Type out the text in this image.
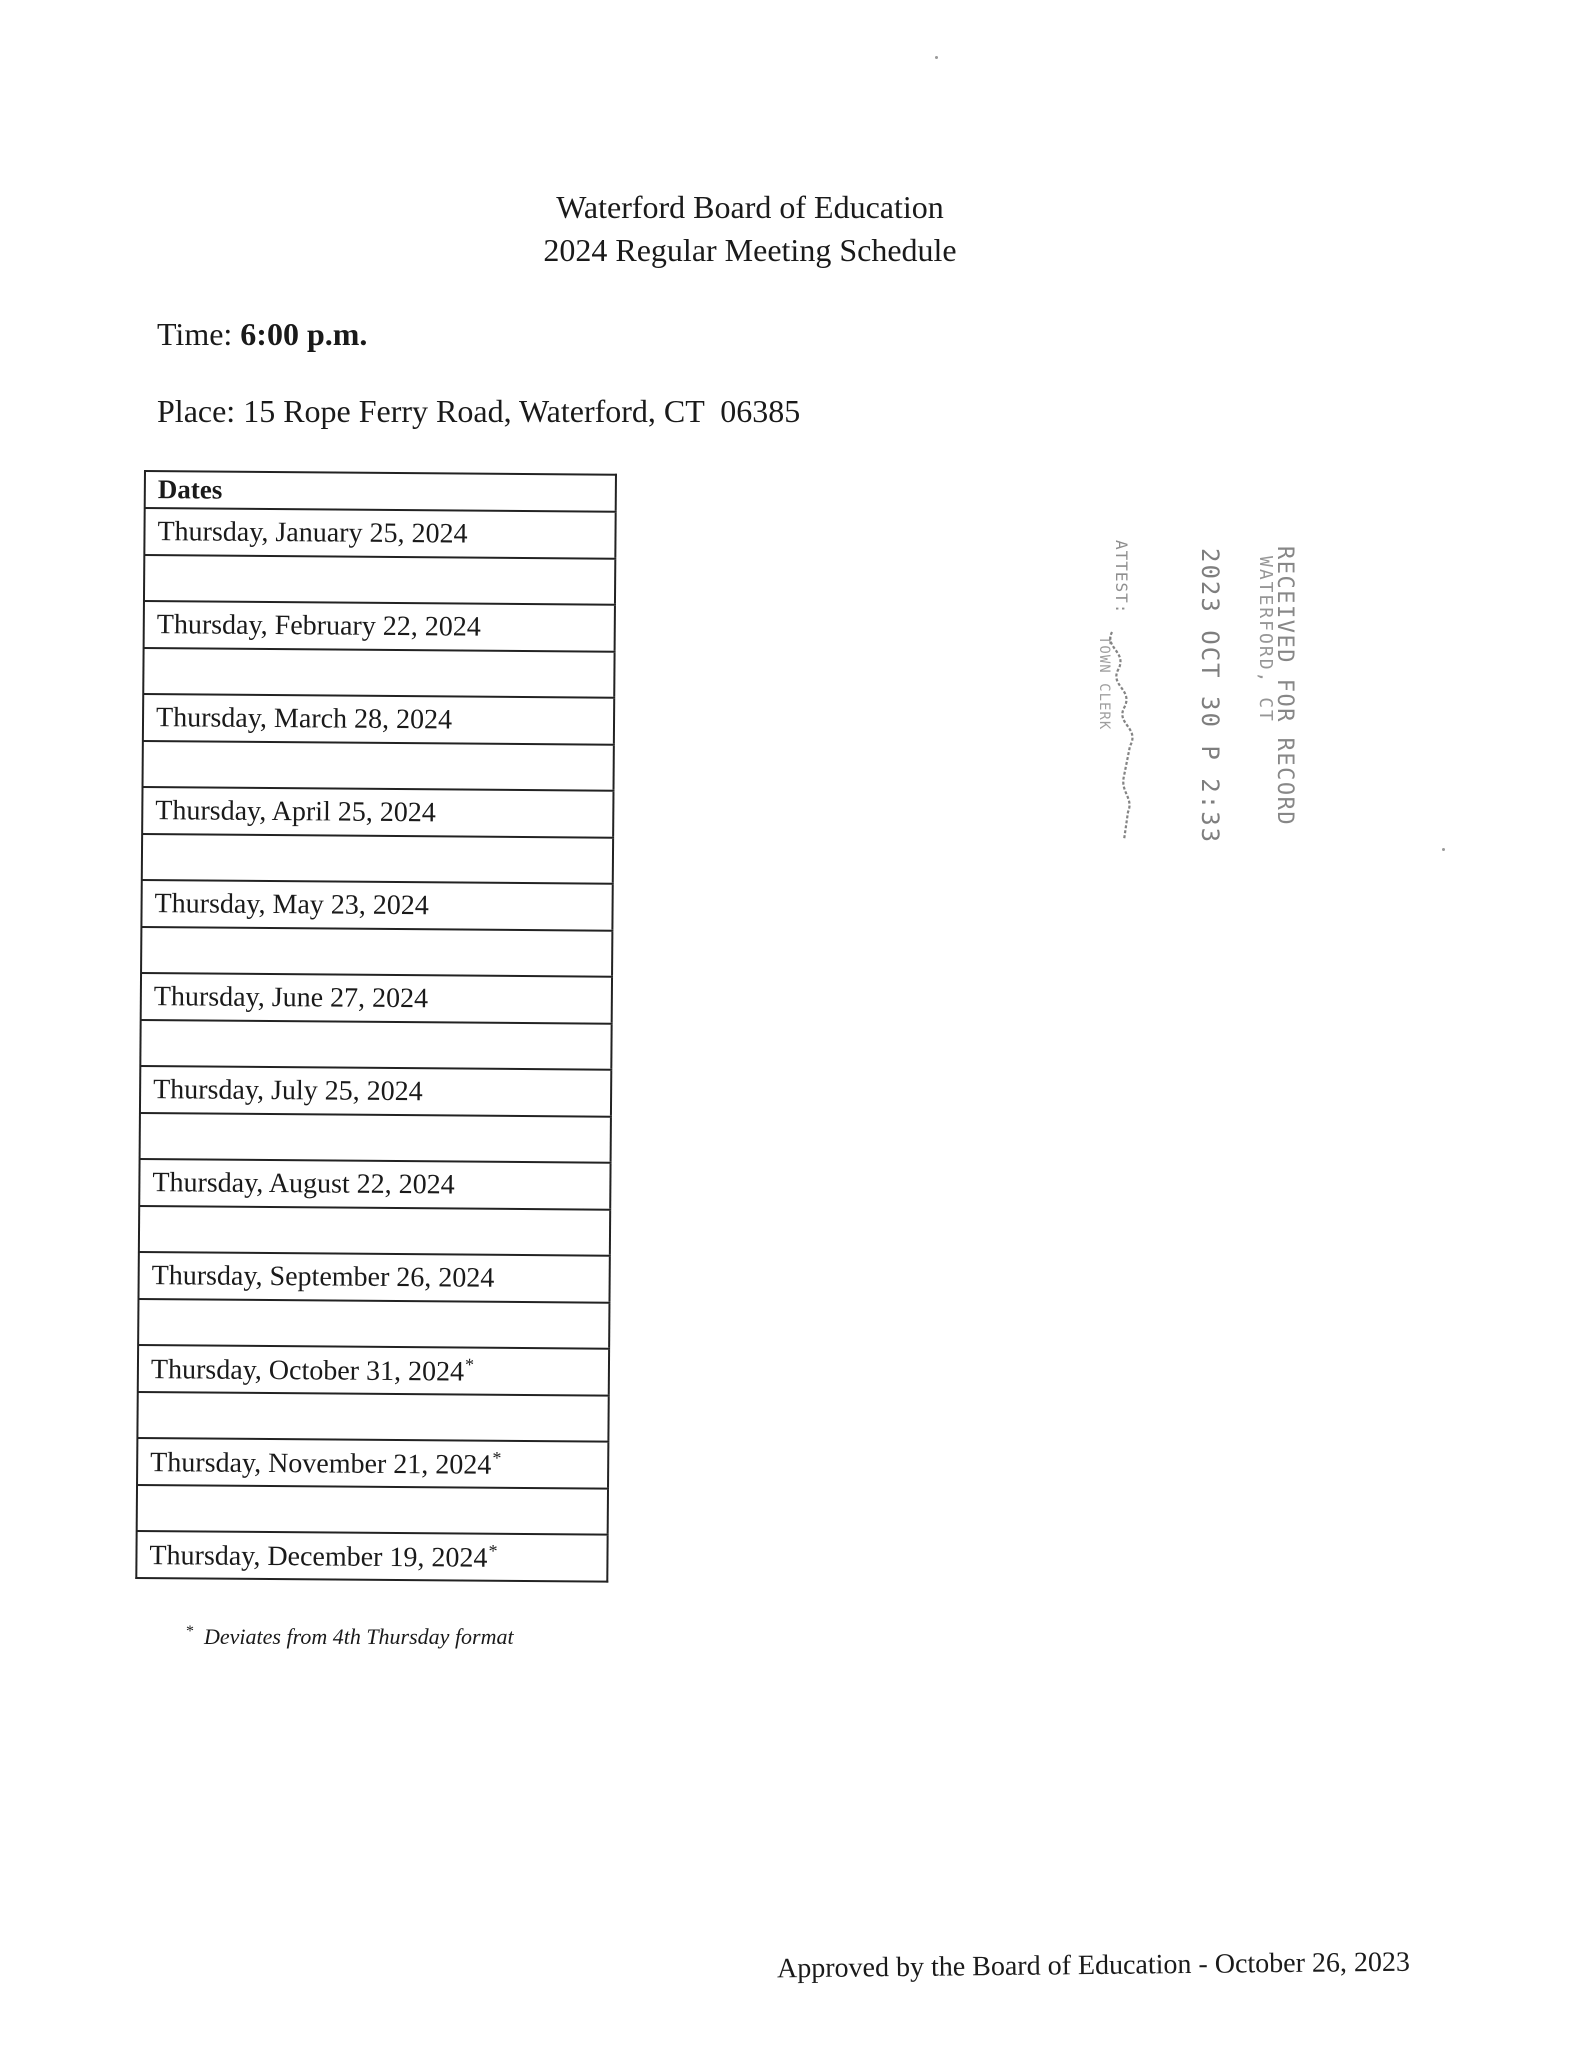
Waterford Board of Education
2024 Regular Meeting Schedule
Time: 6:00 p.m.
Place: 15 Rope Ferry Road, Waterford, CT  06385
Dates
Thursday, January 25, 2024

Thursday, February 22, 2024

Thursday, March 28, 2024

Thursday, April 25, 2024

Thursday, May 23, 2024

Thursday, June 27, 2024

Thursday, July 25, 2024

Thursday, August 22, 2024

Thursday, September 26, 2024

Thursday, October 31, 2024*

Thursday, November 21, 2024*

Thursday, December 19, 2024*
* Deviates from 4th Thursday format
Approved by the Board of Education - October 26, 2023
RECEIVED FOR RECORD
WATERFORD, CT
2023 OCT 30 P 2:33
ATTEST:
TOWN CLERK
